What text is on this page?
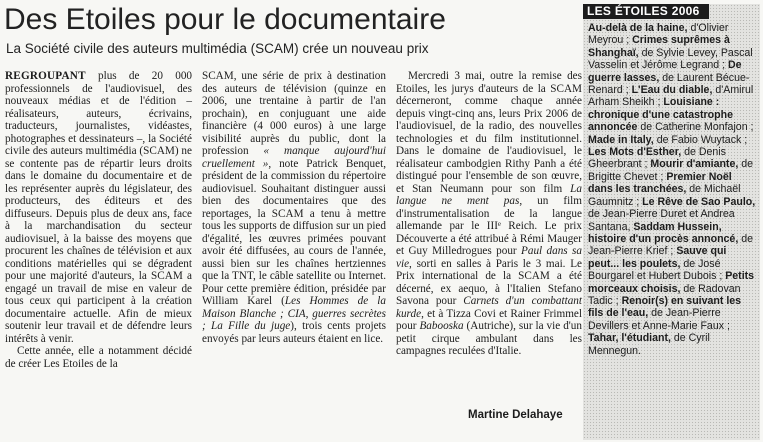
Des Etoiles pour le documentaire

La Société civile des auteurs multimédia (SCAM) crée un nouveau prix

REGROUPANT plus de 20 000 professionnels de l'audiovisuel, des nouveaux médias et de l'édition – réalisateurs, auteurs, écrivains, traducteurs, journalistes, vidéastes, photographes et dessinateurs –, la Société civile des auteurs multimédia (SCAM) ne se contente pas de répartir leurs droits dans le domaine du documentaire et de les représenter auprès du législateur, des producteurs, des éditeurs et des diffuseurs. Depuis plus de deux ans, face à la marchandisation du secteur audiovisuel, à la baisse des moyens que procurent les chaînes de télévision et aux conditions matérielles qui se dégradent pour une majorité d'auteurs, la SCAM a engagé un travail de mise en valeur de tous ceux qui participent à la création documentaire actuelle. Afin de mieux soutenir leur travail et de défendre leurs intérêts à venir.

Cette année, elle a notamment décidé de créer Les Etoiles de la

SCAM, une série de prix à destination des auteurs de télévision (quinze en 2006, une trentaine à partir de l'an prochain), en conjuguant une aide financière (4 000 euros) à une large visibilité auprès du public, dont la profession « manque aujourd'hui cruellement », note Patrick Benquet, président de la commission du répertoire audiovisuel. Souhaitant distinguer aussi bien des documentaires que des reportages, la SCAM a tenu à mettre tous les supports de diffusion sur un pied d'égalité, les œuvres primées pouvant avoir été diffusées, au cours de l'année, aussi bien sur les chaînes hertziennes que la TNT, le câble satellite ou Internet. Pour cette première édition, présidée par William Karel (Les Hommes de la Maison Blanche ; CIA, guerres secrètes ; La Fille du juge), trois cents projets envoyés par leurs auteurs étaient en lice.

Mercredi 3 mai, outre la remise des Etoiles, les jurys d'auteurs de la SCAM décerneront, comme chaque année depuis vingt-cinq ans, leurs Prix 2006 de l'audiovisuel, de la radio, des nouvelles technologies et du film institutionnel. Dans le domaine de l'audiovisuel, le réalisateur cambodgien Rithy Panh a été distingué pour l'ensemble de son œuvre, et Stan Neumann pour son film La langue ne ment pas, un film d'instrumentalisation de la langue allemande par le IIIᵉ Reich. Le prix Découverte a été attribué à Rémi Mauger et Guy Milledrogues pour Paul dans sa vie, sorti en salles à Paris le 3 mai. Le Prix international de la SCAM a été décerné, ex aequo, à l'Italien Stefano Savona pour Carnets d'un combattant kurde, et à Tizza Covi et Rainer Frimmel pour Babooska (Autriche), sur la vie d'un petit cirque ambulant dans les campagnes reculées d'Italie.

Martine Delahaye
LES ÉTOILES 2006
Au-delà de la haine, d'Olivier Meyrou ; Crimes suprêmes à Shanghaï, de Sylvie Levey, Pascal Vasselin et Jérôme Legrand ; De guerre lasses, de Laurent Bécue-Renard ; L'Eau du diable, d'Amirul Arham Sheikh ; Louisiane : chronique d'une catastrophe annoncée de Catherine Monfajon ; Made in Italy, de Fabio Wuytack ; Les Mots d'Esther, de Denis Gheerbrant ; Mourir d'amiante, de Brigitte Chevet ; Premier Noël dans les tranchées, de Michaël Gaumnitz ; Le Rêve de Sao Paulo, de Jean-Pierre Duret et Andrea Santana, Saddam Hussein, histoire d'un procès annoncé, de Jean-Pierre Krief ; Sauve qui peut... les poulets, de José Bourgarel et Hubert Dubois ; Petits morceaux choisis, de Radovan Tadic ; Renoir(s) en suivant les fils de l'eau, de Jean-Pierre Devillers et Anne-Marie Faux ; Tahar, l'étudiant, de Cyril Mennegun.
